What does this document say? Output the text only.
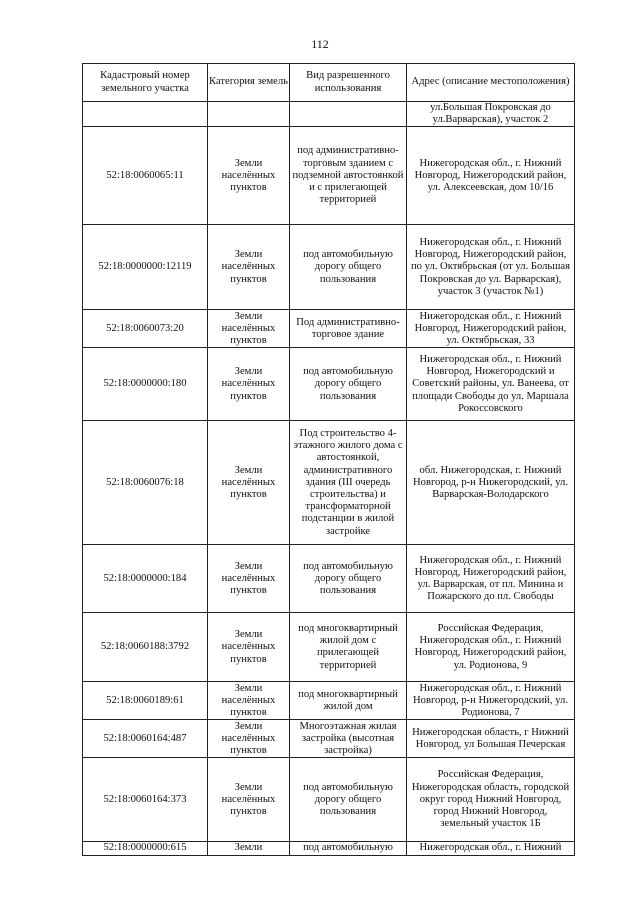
112
Кадастровый номер земельного участка	Категория земель	Вид разрешенного использования	Адрес (описание местоположения)
			ул.Большая Покровская до ул.Варварская), участок 2
52:18:0060065:11	Земли населённых пунктов	под административно-торговым зданием с подземной автостоянкой и с прилегающей территорией	Нижегородская обл., г. Нижний Новгород, Нижегородский район, ул. Алексеевская, дом 10/16
52:18:0000000:12119	Земли населённых пунктов	под автомобильную дорогу общего пользования	Нижегородская обл., г. Нижний Новгород, Нижегородский район, по ул. Октябрьская (от ул. Большая Покровская до ул. Варварская), участок 3 (участок №1)
52:18:0060073:20	Земли населённых пунктов	Под административно-торговое здание	Нижегородская обл., г. Нижний Новгород, Нижегородский район, ул. Октябрьская, 33
52:18:0000000:180	Земли населённых пунктов	под автомобильную дорогу общего пользования	Нижегородская обл., г. Нижний Новгород, Нижегородский и Советский районы, ул. Ванеева, от площади Свободы до ул. Маршала Рокоссовского
52:18:0060076:18	Земли населённых пунктов	Под строительство 4-этажного жилого дома с автостоянкой, административного здания (III очередь строительства) и трансформаторной подстанции в жилой застройке	обл. Нижегородская, г. Нижний Новгород, р-н Нижегородский, ул. Варварская-Володарского
52:18:0000000:184	Земли населённых пунктов	под автомобильную дорогу общего пользования	Нижегородская обл., г. Нижний Новгород, Нижегородский район, ул. Варварская, от пл. Минина и Пожарского до пл. Свободы
52:18:0060188:3792	Земли населённых пунктов	под многоквартирный жилой дом с прилегающей территорией	Российская Федерация, Нижегородская обл., г. Нижний Новгород, Нижегородский район, ул. Родионова, 9
52:18:0060189:61	Земли населённых пунктов	под многоквартирный жилой дом	Нижегородская обл., г. Нижний Новгород, р-н Нижегородский, ул. Родионова, 7
52:18:0060164:487	Земли населённых пунктов	Многоэтажная жилая застройка (высотная застройка)	Нижегородская область, г Нижний Новгород, ул Большая Печерская
52:18:0060164:373	Земли населённых пунктов	под автомобильную дорогу общего пользования	Российская Федерация, Нижегородская область, городской округ город Нижний Новгород, город Нижний Новгород, земельный участок 1Б
52:18:0000000:615	Земли	под автомобильную	Нижегородская обл., г. Нижний
